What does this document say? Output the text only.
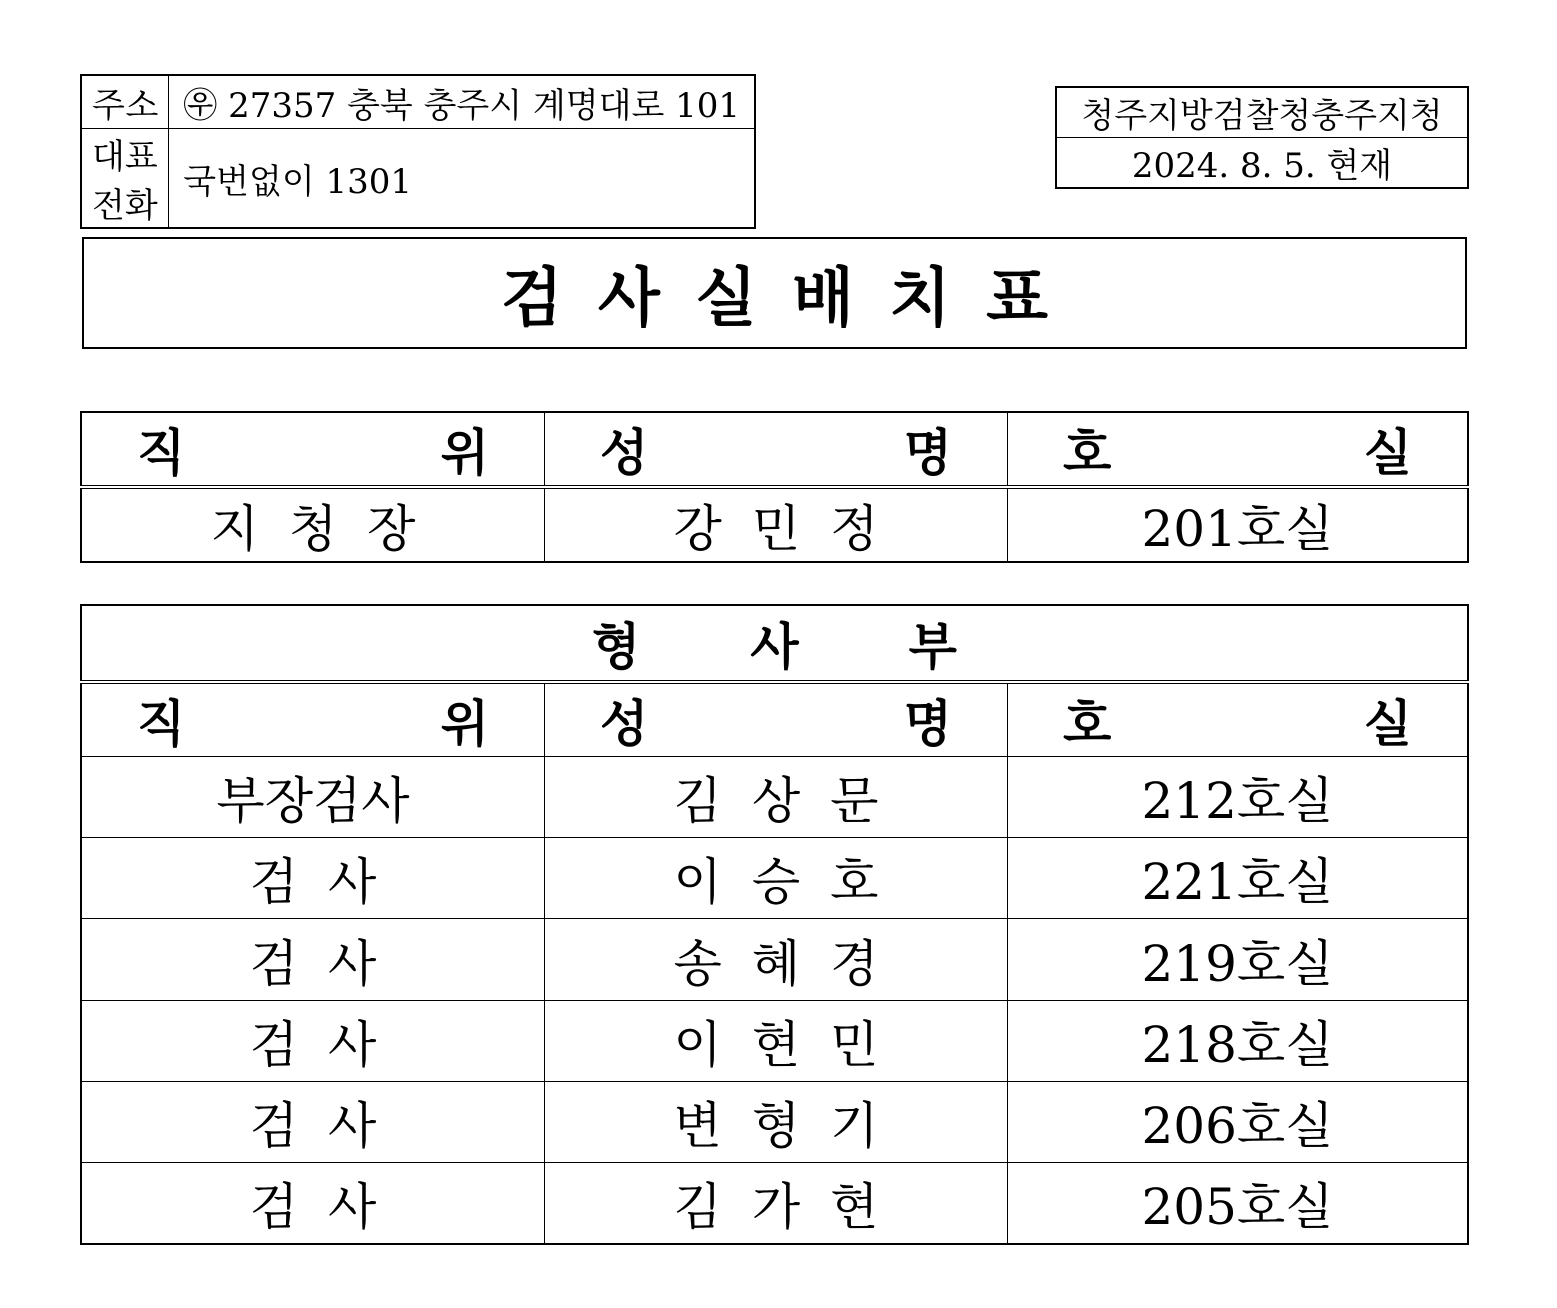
주 소	㉾ 27357 충북 충주시 계명대로 101
대표전화	국번없이 1301
청주지방검찰청충주지청
2024. 8. 5. 현재
검사실배치표
직 위	성 명	호 실

지청장	강민정	201호실
형 사 부		

직 위	성 명	호 실

부장검사	김상문	212호실
검사	이승호	221호실
검사	송혜경	219호실
검사	이현민	218호실
검사	변형기	206호실
검사	김가현	205호실
